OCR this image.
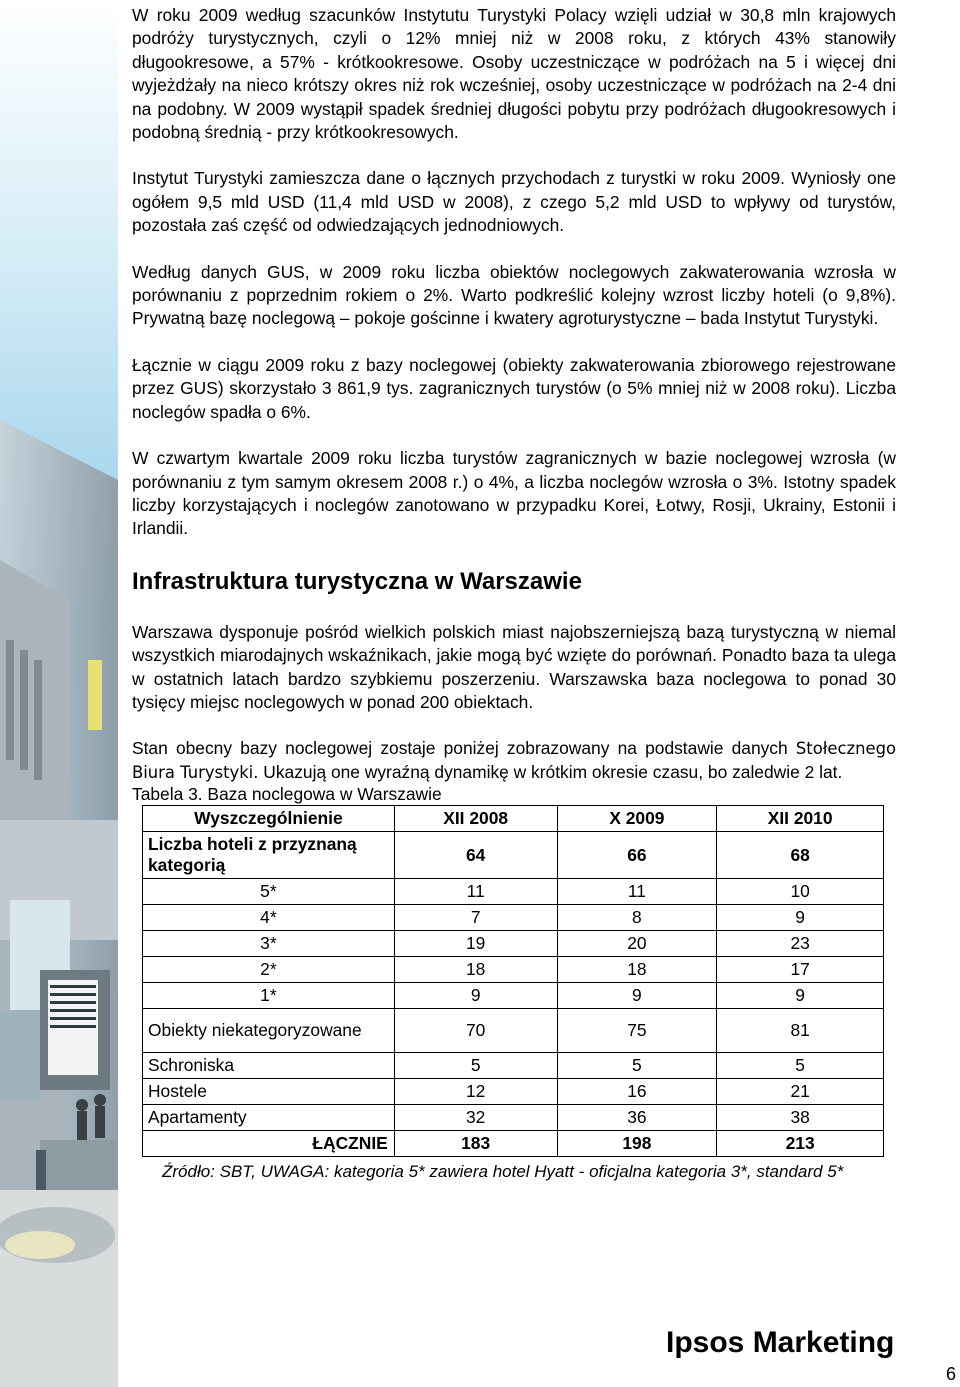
W roku 2009 według szacunków Instytutu Turystyki Polacy wzięli udział w 30,8 mln krajowych podróży turystycznych, czyli o 12% mniej niż w 2008 roku, z których 43% stanowiły długookresowe, a 57% - krótkookresowe. Osoby uczestniczące w podróżach na 5 i więcej dni wyjeżdżały na nieco krótszy okres niż rok wcześniej, osoby uczestniczące w podróżach na 2-4 dni na podobny. W 2009 wystąpił spadek średniej długości pobytu przy podróżach długookresowych i podobną średnią - przy krótkookresowych.

Instytut Turystyki zamieszcza dane o łącznych przychodach z turystki w roku 2009. Wyniosły one ogółem 9,5 mld USD (11,4 mld USD w 2008), z czego 5,2 mld USD to wpływy od turystów, pozostała zaś część od odwiedzających jednodniowych.

Według danych GUS, w 2009 roku liczba obiektów noclegowych zakwaterowania wzrosła w porównaniu z poprzednim rokiem o 2%. Warto podkreślić kolejny wzrost liczby hoteli (o 9,8%). Prywatną bazę noclegową – pokoje gościnne i kwatery agroturystyczne – bada Instytut Turystyki.

Łącznie w ciągu 2009 roku z bazy noclegowej (obiekty zakwaterowania zbiorowego rejestrowane przez GUS) skorzystało 3 861,9 tys. zagranicznych turystów (o 5% mniej niż w 2008 roku). Liczba noclegów spadła o 6%.

W czwartym kwartale 2009 roku liczba turystów zagranicznych w bazie noclegowej wzrosła (w porównaniu z tym samym okresem 2008 r.) o 4%, a liczba noclegów wzrosła o 3%. Istotny spadek liczby korzystających i noclegów zanotowano w przypadku Korei, Łotwy, Rosji, Ukrainy, Estonii i Irlandii.

Infrastruktura turystyczna w Warszawie

Warszawa dysponuje pośród wielkich polskich miast najobszerniejszą bazą turystyczną w niemal wszystkich miarodajnych wskaźnikach, jakie mogą być wzięte do porównań. Ponadto baza ta ulega w ostatnich latach bardzo szybkiemu poszerzeniu. Warszawska baza noclegowa to ponad 30 tysięcy miejsc noclegowych w ponad 200 obiektach.

Stan obecny bazy noclegowej zostaje poniżej zobrazowany na podstawie danych Stołecznego Biura Turystyki. Ukazują one wyraźną dynamikę w krótkim okresie czasu, bo zaledwie 2 lat.

Tabela 3. Baza noclegowa w Warszawie
Wyszczególnienie	XII 2008	X 2009	XII 2010
Liczba hoteli z przyznaną kategorią	64	66	68
5*	11	11	10
4*	7	8	9
3*	19	20	23
2*	18	18	17
1*	9	9	9
Obiekty niekategoryzowane	70	75	81
Schroniska	5	5	5
Hostele	12	16	21
Apartamenty	32	36	38
ŁĄCZNIE	183	198	213
Źródło: SBT, UWAGA: kategoria 5* zawiera hotel Hyatt - oficjalna kategoria 3*, standard 5*
Ipsos Marketing
6
